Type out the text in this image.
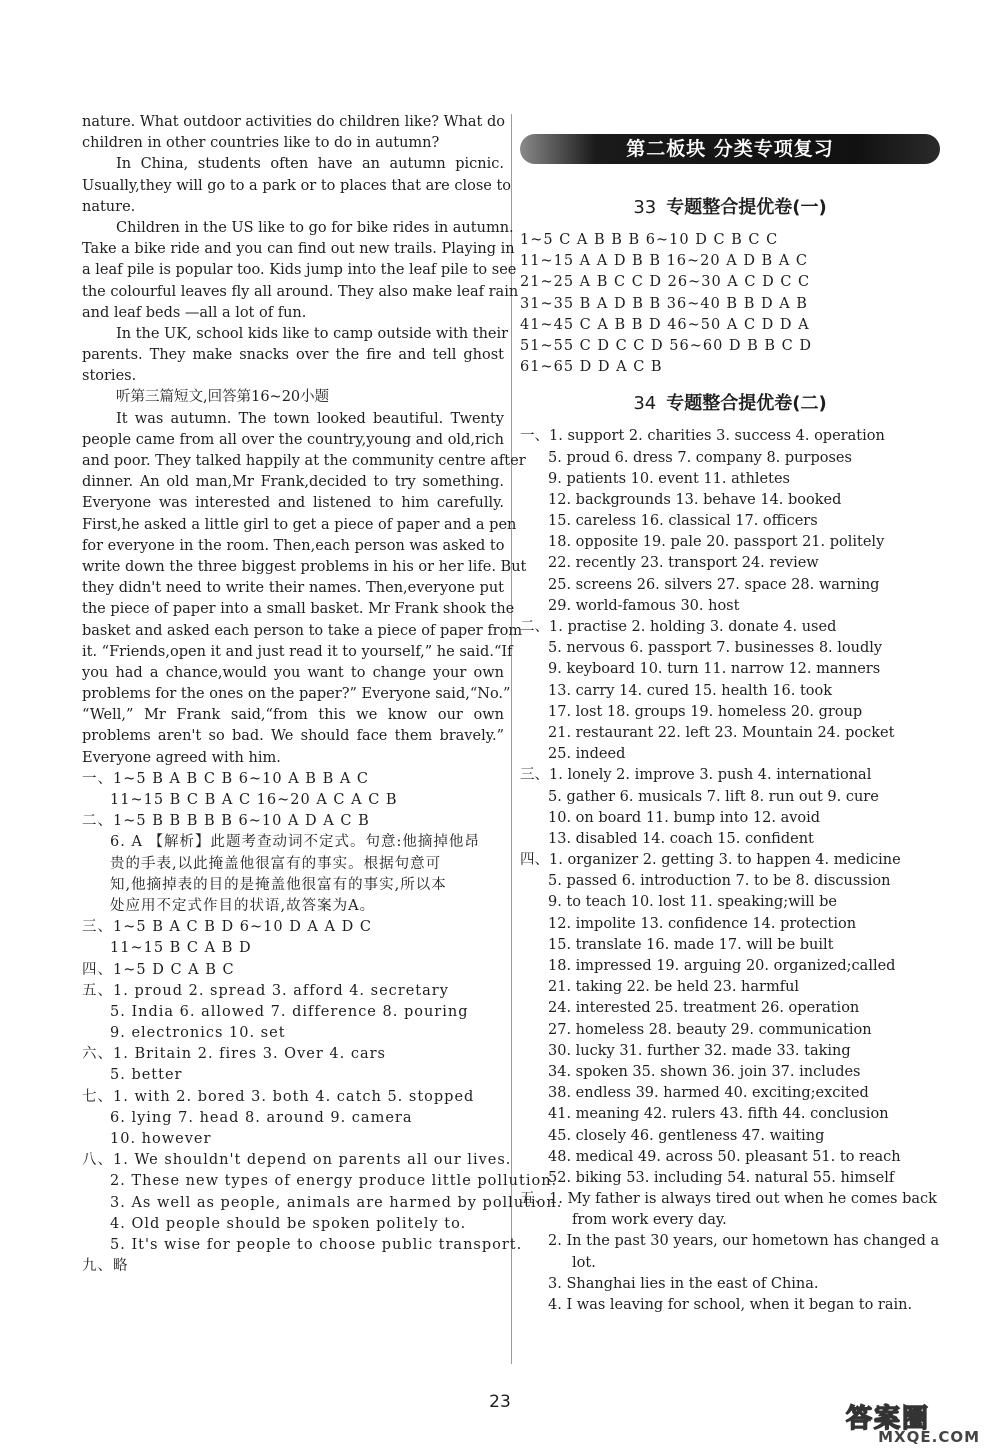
nature. What outdoor activities do children like? What do
children in other countries like to do in autumn?
In China, students often have an autumn picnic.
Usually,they will go to a park or to places that are close to
nature.
Children in the US like to go for bike rides in autumn.
Take a bike ride and you can find out new trails. Playing in
a leaf pile is popular too. Kids jump into the leaf pile to see
the colourful leaves fly all around. They also make leaf rain
and leaf beds —all a lot of fun.
In the UK, school kids like to camp outside with their
parents. They make snacks over the fire and tell ghost
stories.
听第三篇短文,回答第16~20小题
It was autumn. The town looked beautiful. Twenty
people came from all over the country,young and old,rich
and poor. They talked happily at the community centre after
dinner. An old man,Mr Frank,decided to try something.
Everyone was interested and listened to him carefully.
First,he asked a little girl to get a piece of paper and a pen
for everyone in the room. Then,each person was asked to
write down the three biggest problems in his or her life. But
they didn't need to write their names. Then,everyone put
the piece of paper into a small basket. Mr Frank shook the
basket and asked each person to take a piece of paper from
it. “Friends,open it and just read it to yourself,” he said.“If
you had a chance,would you want to change your own
problems for the ones on the paper?” Everyone said,“No.”
“Well,” Mr Frank said,“from this we know our own
problems aren't so bad. We should face them bravely.”
Everyone agreed with him.
一、1~5 B A B C B 6~10 A B B A C
11~15 B C B A C 16~20 A C A C B
二、1~5 B B B B B 6~10 A D A C B
6. A 【解析】此题考查动词不定式。句意:他摘掉他昂
贵的手表,以此掩盖他很富有的事实。根据句意可
知,他摘掉表的目的是掩盖他很富有的事实,所以本
处应用不定式作目的状语,故答案为A。
三、1~5 B A C B D 6~10 D A A D C
11~15 B C A B D
四、1~5 D C A B C
五、1. proud 2. spread 3. afford 4. secretary
5. India 6. allowed 7. difference 8. pouring
9. electronics 10. set
六、1. Britain 2. fires 3. Over 4. cars
5. better
七、1. with 2. bored 3. both 4. catch 5. stopped
6. lying 7. head 8. around 9. camera
10. however
八、1. We shouldn't depend on parents all our lives.
2. These new types of energy produce little pollution.
3. As well as people, animals are harmed by pollution.
4. Old people should be spoken politely to.
5. It's wise for people to choose public transport.
九、略
第二板块 分类专项复习
33 专题整合提优卷(一)
1~5 C A B B B 6~10 D C B C C
11~15 A A D B B 16~20 A D B A C
21~25 A B C C D 26~30 A C D C C
31~35 B A D B B 36~40 B B D A B
41~45 C A B B D 46~50 A C D D A
51~55 C D C C D 56~60 D B B C D
61~65 D D A C B
34 专题整合提优卷(二)
一、1. support 2. charities 3. success 4. operation
5. proud 6. dress 7. company 8. purposes
9. patients 10. event 11. athletes
12. backgrounds 13. behave 14. booked
15. careless 16. classical 17. officers
18. opposite 19. pale 20. passport 21. politely
22. recently 23. transport 24. review
25. screens 26. silvers 27. space 28. warning
29. world-famous 30. host
二、1. practise 2. holding 3. donate 4. used
5. nervous 6. passport 7. businesses 8. loudly
9. keyboard 10. turn 11. narrow 12. manners
13. carry 14. cured 15. health 16. took
17. lost 18. groups 19. homeless 20. group
21. restaurant 22. left 23. Mountain 24. pocket
25. indeed
三、1. lonely 2. improve 3. push 4. international
5. gather 6. musicals 7. lift 8. run out 9. cure
10. on board 11. bump into 12. avoid
13. disabled 14. coach 15. confident
四、1. organizer 2. getting 3. to happen 4. medicine
5. passed 6. introduction 7. to be 8. discussion
9. to teach 10. lost 11. speaking;will be
12. impolite 13. confidence 14. protection
15. translate 16. made 17. will be built
18. impressed 19. arguing 20. organized;called
21. taking 22. be held 23. harmful
24. interested 25. treatment 26. operation
27. homeless 28. beauty 29. communication
30. lucky 31. further 32. made 33. taking
34. spoken 35. shown 36. join 37. includes
38. endless 39. harmed 40. exciting;excited
41. meaning 42. rulers 43. fifth 44. conclusion
45. closely 46. gentleness 47. waiting
48. medical 49. across 50. pleasant 51. to reach
52. biking 53. including 54. natural 55. himself
五、1. My father is always tired out when he comes back
from work every day.
2. In the past 30 years, our hometown has changed a
lot.
3. Shanghai lies in the east of China.
4. I was leaving for school, when it began to rain.
23
答案圈
MXQE.COM
